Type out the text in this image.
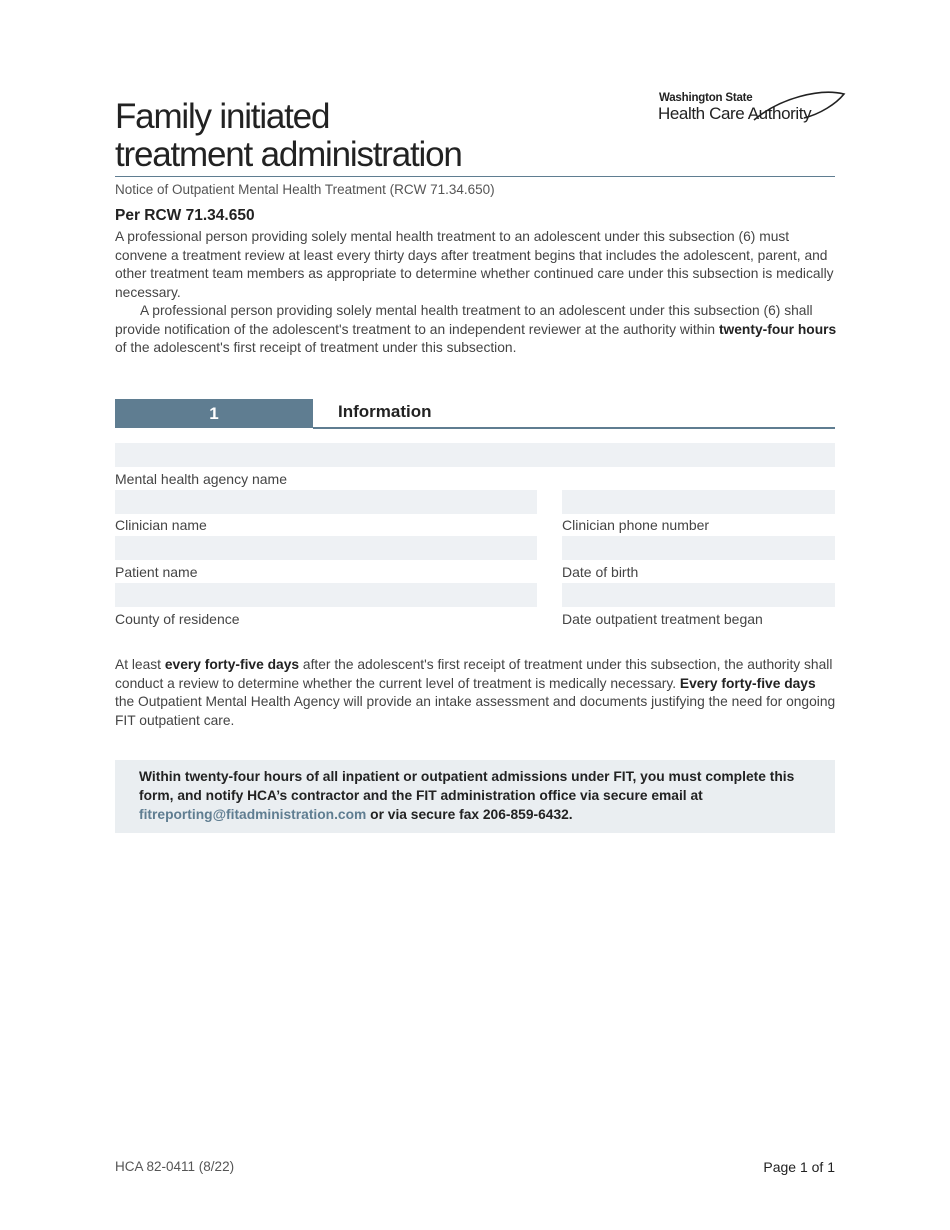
Family initiated
treatment administration
Washington State
Health Care Authority
Notice of Outpatient Mental Health Treatment (RCW 71.34.650)
Per RCW 71.34.650
A professional person providing solely mental health treatment to an adolescent under this subsection (6) must convene a treatment review at least every thirty days after treatment begins that includes the adolescent, parent, and other treatment team members as appropriate to determine whether continued care under this subsection is medically necessary.
A professional person providing solely mental health treatment to an adolescent under this subsection (6) shall provide notification of the adolescent's treatment to an independent reviewer at the authority within twenty-four hours of the adolescent's first receipt of treatment under this subsection.
1	Information
Mental health agency name
Clinician name	Clinician phone number
Patient name	Date of birth
County of residence	Date outpatient treatment began
At least every forty-five days after the adolescent's first receipt of treatment under this subsection, the authority shall conduct a review to determine whether the current level of treatment is medically necessary. Every forty-five days the Outpatient Mental Health Agency will provide an intake assessment and documents justifying the need for ongoing FIT outpatient care.
Within twenty-four hours of all inpatient or outpatient admissions under FIT, you must complete this form, and notify HCA’s contractor and the FIT administration office via secure email at fitreporting@fitadministration.com or via secure fax 206-859-6432.
HCA 82-0411 (8/22)	Page 1 of 1
